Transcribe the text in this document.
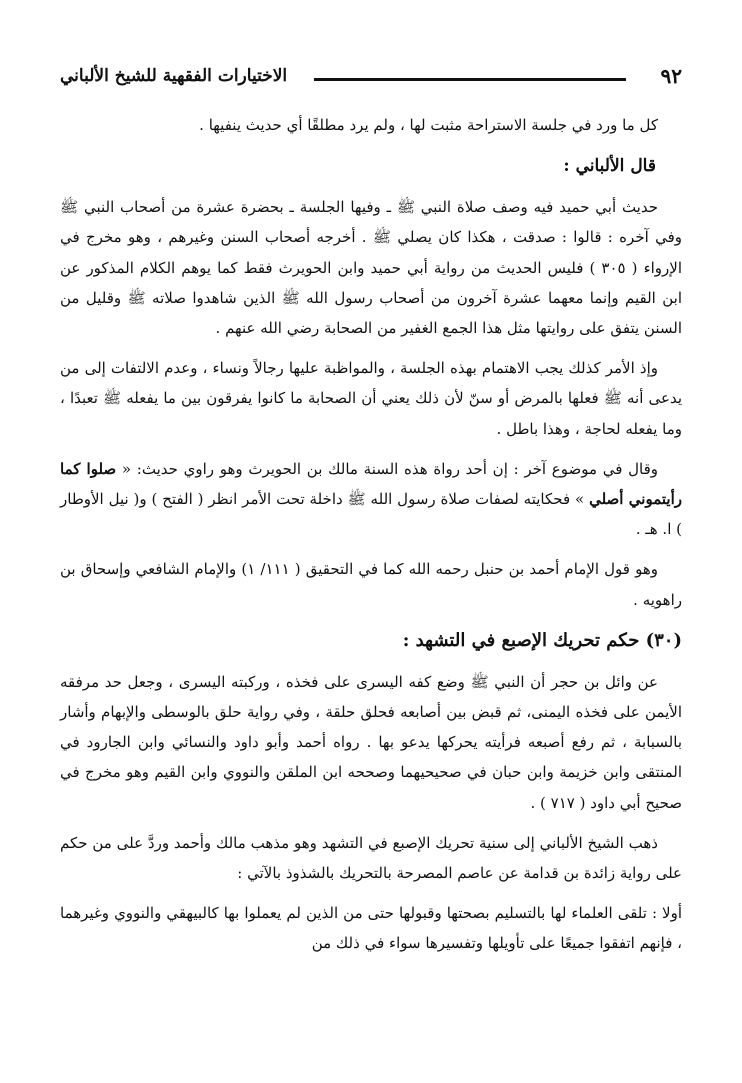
٩٢
الاختيارات الفقهية للشيخ الألباني

كل ما ورد في جلسة الاستراحة مثبت لها ، ولم يرد مطلقًا أي حديث ينفيها .

قال الألباني :

حديث أبي حميد فيه وصف صلاة النبي ﷺ ـ وفيها الجلسة ـ بحضرة عشرة من أصحاب النبي ﷺ وفي آخره : قالوا : صدقت ، هكذا كان يصلي ﷺ . أخرجه أصحاب السنن وغيرهم ، وهو مخرج في الإرواء ( ٣٠٥ ) فليس الحديث من رواية أبي حميد وابن الحويرث فقط كما يوهم الكلام المذكور عن ابن القيم وإنما معهما عشرة آخرون من أصحاب رسول الله ﷺ الذين شاهدوا صلاته ﷺ وقليل من السنن يتفق على روايتها مثل هذا الجمع الغفير من الصحابة رضي الله عنهم .

وإذ الأمر كذلك يجب الاهتمام بهذه الجلسة ، والمواظبة عليها رجالاً ونساء ، وعدم الالتفات إلى من يدعى أنه ﷺ فعلها بالمرض أو سنّ لأن ذلك يعني أن الصحابة ما كانوا يفرقون بين ما يفعله ﷺ تعبدًا ، وما يفعله لحاجة ، وهذا باطل .

وقال في موضوع آخر : إن أحد رواة هذه السنة مالك بن الحويرث وهو راوي حديث: « صلوا كما رأيتموني أصلي » فحكايته لصفات صلاة رسول الله ﷺ داخلة تحت الأمر انظر ( الفتح ) و( نيل الأوطار ) ا. هـ .

وهو قول الإمام أحمد بن حنبل رحمه الله كما في التحقيق ( ١١١/ ١) والإمام الشافعي وإسحاق بن راهويه .

(٣٠) حكم تحريك الإصبع في التشهد :

عن وائل بن حجر أن النبي ﷺ وضع كفه اليسرى على فخذه ، وركبته اليسرى ، وجعل حد مرفقه الأيمن على فخذه اليمنى، ثم قبض بين أصابعه فحلق حلقة ، وفي رواية حلق بالوسطى والإبهام وأشار بالسبابة ، ثم رفع أصبعه فرأيته يحركها يدعو بها . رواه أحمد وأبو داود والنسائي وابن الجارود في المنتقى وابن خزيمة وابن حبان في صحيحيهما وصححه ابن الملقن والنووي وابن القيم وهو مخرج في صحيح أبي داود ( ٧١٧ ) .

ذهب الشيخ الألباني إلى سنية تحريك الإصبع في التشهد وهو مذهب مالك وأحمد وردَّ على من حكم على رواية زائدة بن قدامة عن عاصم المصرحة بالتحريك بالشذوذ بالآتي :

أولا : تلقى العلماء لها بالتسليم بصحتها وقبولها حتى من الذين لم يعملوا بها كالبيهقي والنووي وغيرهما ، فإنهم اتفقوا جميعًا على تأويلها وتفسيرها سواء في ذلك من
